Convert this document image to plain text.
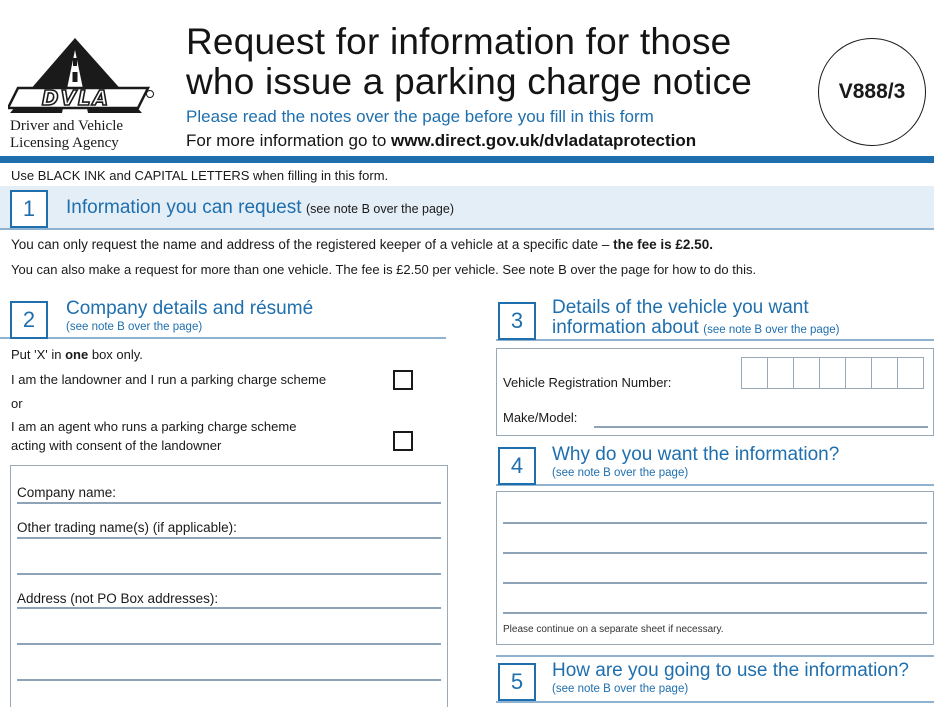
DVLA
Driver and Vehicle
Licensing Agency
Request for information for those
who issue a parking charge notice	V888/3
Please read the notes over the page before you fill in this form
For more information go to www.direct.gov.uk/dvladataprotection
Use BLACK INK and CAPITAL LETTERS when filling in this form.
1 Information you can request (see note B over the page)
You can only request the name and address of the registered keeper of a vehicle at a specific date – the fee is £2.50.
You can also make a request for more than one vehicle. The fee is £2.50 per vehicle. See note B over the page for how to do this.
2 Company details and résumé
(see note B over the page)
Put 'X' in one box only.
I am the landowner and I run a parking charge scheme
or
I am an agent who runs a parking charge scheme
acting with consent of the landowner
Company name:
Other trading name(s) (if applicable):
Address (not PO Box addresses):
3
Details of the vehicle you want
information about (see note B over the page)
Vehicle Registration Number:
Make/Model:
4 Why do you want the information?
(see note B over the page)
Please continue on a separate sheet if necessary.
5 How are you going to use the information?
(see note B over the page)
